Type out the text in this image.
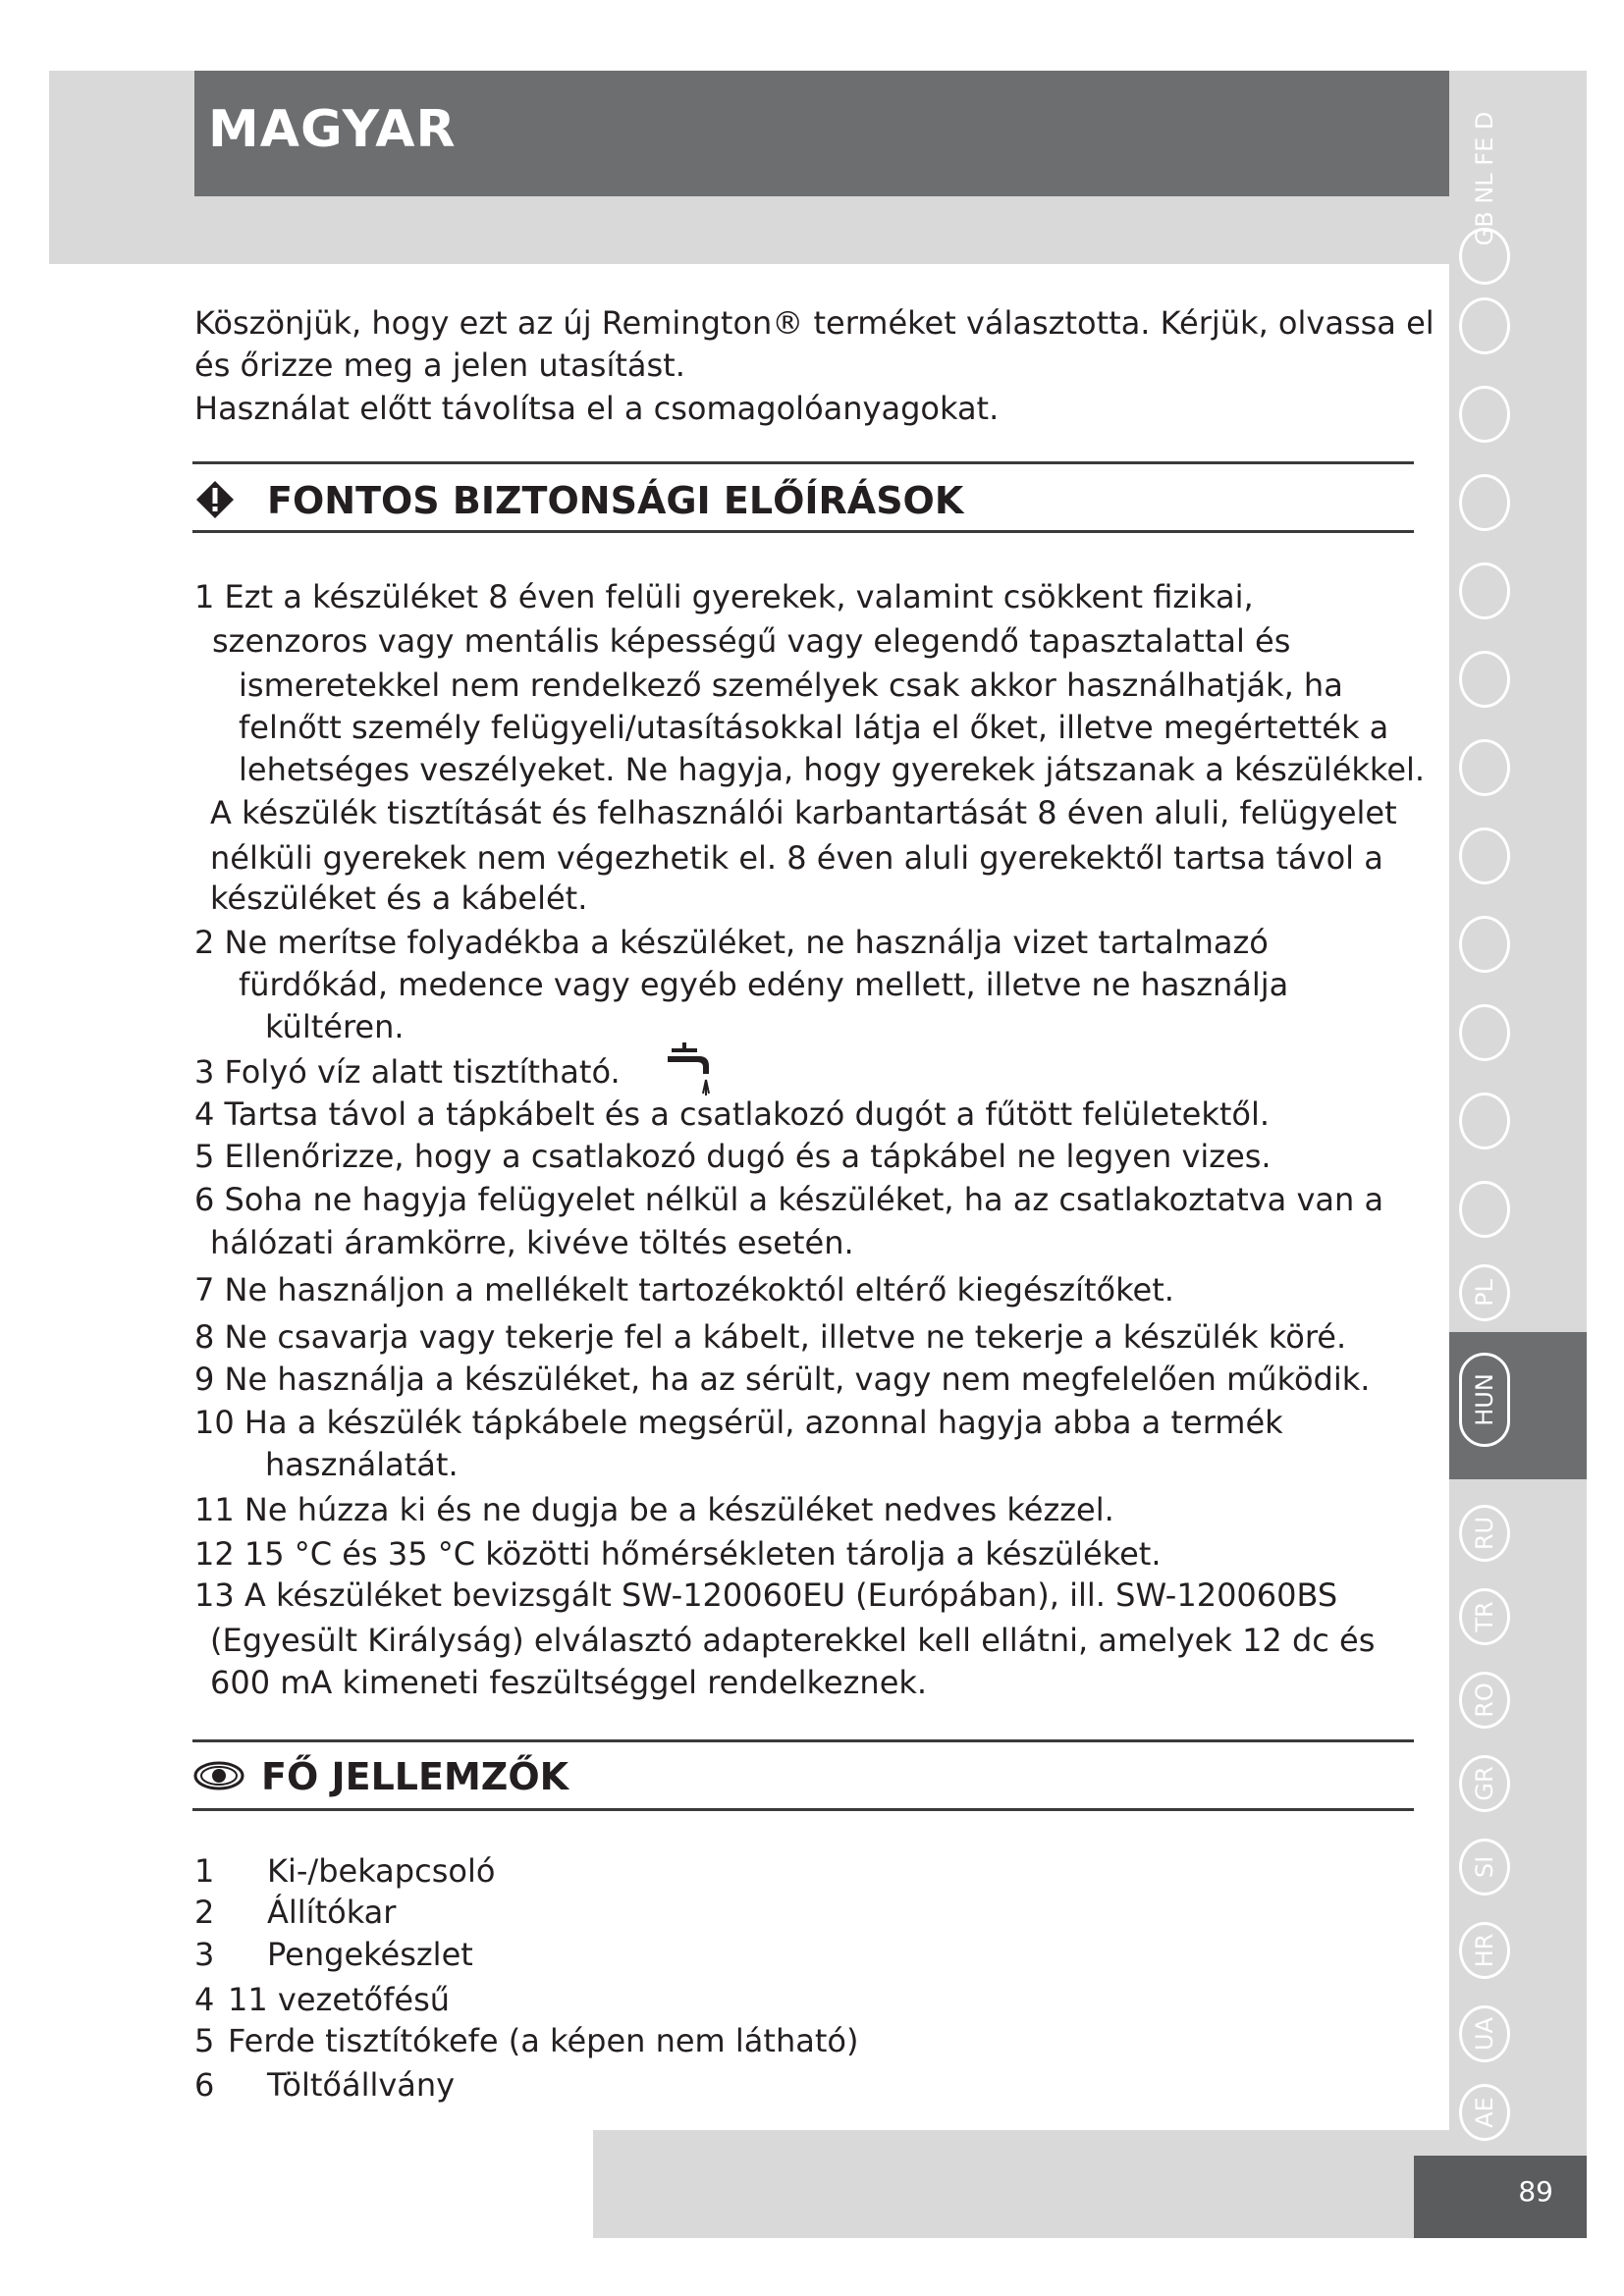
MAGYAR	GB NL FE D
PL
HUN
RU
TR
RO
GR
SI
HR
UA
AE
Köszönjük, hogy ezt az új Remington® terméket választotta. Kérjük, olvassa el
és őrizze meg a jelen utasítást.
Használat előtt távolítsa el a csomagolóanyagokat.
FONTOS BIZTONSÁGI ELŐÍRÁSOK
1 Ezt a készüléket 8 éven felüli gyerekek, valamint csökkent fizikai,
szenzoros vagy mentális képességű vagy elegendő tapasztalattal és
ismeretekkel nem rendelkező személyek csak akkor használhatják, ha
felnőtt személy felügyeli/utasításokkal látja el őket, illetve megértették a
lehetséges veszélyeket. Ne hagyja, hogy gyerekek játszanak a készülékkel.
A készülék tisztítását és felhasználói karbantartását 8 éven aluli, felügyelet
nélküli gyerekek nem végezhetik el. 8 éven aluli gyerekektől tartsa távol a
készüléket és a kábelét.
2 Ne merítse folyadékba a készüléket, ne használja vizet tartalmazó
fürdőkád, medence vagy egyéb edény mellett, illetve ne használja
kültéren.
3 Folyó víz alatt tisztítható.
4 Tartsa távol a tápkábelt és a csatlakozó dugót a fűtött felületektől.
5 Ellenőrizze, hogy a csatlakozó dugó és a tápkábel ne legyen vizes.
6 Soha ne hagyja felügyelet nélkül a készüléket, ha az csatlakoztatva van a
hálózati áramkörre, kivéve töltés esetén.
7 Ne használjon a mellékelt tartozékoktól eltérő kiegészítőket.
8 Ne csavarja vagy tekerje fel a kábelt, illetve ne tekerje a készülék köré.
9 Ne használja a készüléket, ha az sérült, vagy nem megfelelően működik.
10 Ha a készülék tápkábele megsérül, azonnal hagyja abba a termék
használatát.
11 Ne húzza ki és ne dugja be a készüléket nedves kézzel.
12 15 °C és 35 °C közötti hőmérsékleten tárolja a készüléket.
13 A készüléket bevizsgált SW-120060EU (Európában), ill. SW-120060BS
(Egyesült Királyság) elválasztó adapterekkel kell ellátni, amelyek 12 dc és
600 mA kimeneti feszültséggel rendelkeznek.
FŐ JELLEMZŐK
1 Ki-/bekapcsoló
2 Állítókar
3 Pengekészlet
4 11 vezetőfésű
5 Ferde tisztítókefe (a képen nem látható)
6 Töltőállvány
89
